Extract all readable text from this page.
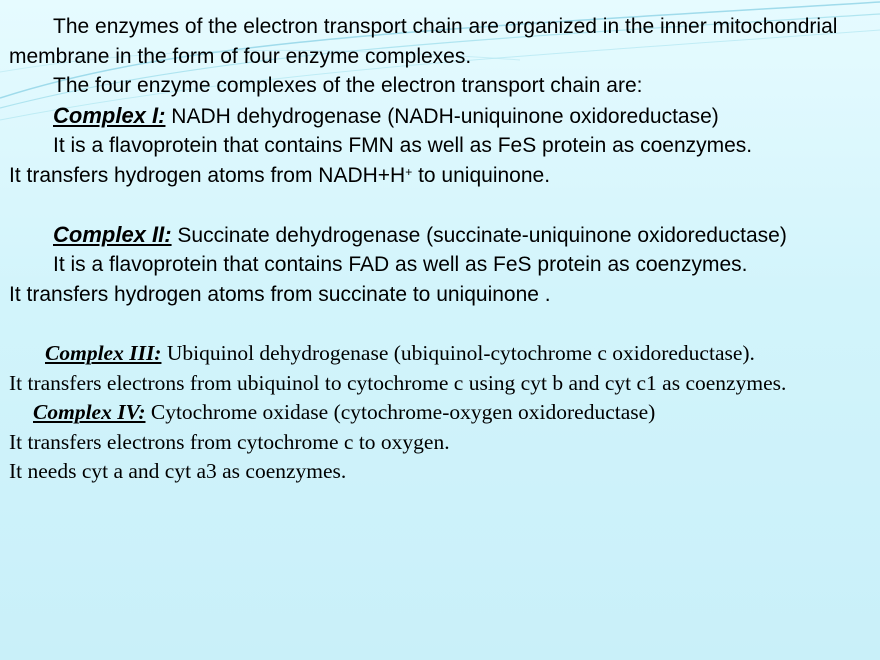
The enzymes of the electron transport chain are organized in the inner mitochondrial membrane in the form of four enzyme complexes.

The four enzyme complexes of the electron transport chain are:

Complex I: NADH dehydrogenase (NADH-uniquinone oxidoreductase)

It is a flavoprotein that contains FMN as well as FeS protein as coenzymes.

It transfers hydrogen atoms from NADH+H+ to uniquinone.

Complex II: Succinate dehydrogenase (succinate-uniquinone oxidoreductase)

It is a flavoprotein that contains FAD as well as FeS protein as coenzymes.

It transfers hydrogen atoms from succinate to uniquinone .

Complex III: Ubiquinol dehydrogenase (ubiquinol-cytochrome c oxidoreductase).

It transfers electrons from ubiquinol to cytochrome c using cyt b and cyt c1 as coenzymes.

Complex IV: Cytochrome oxidase (cytochrome-oxygen oxidoreductase)

It transfers electrons from cytochrome c to oxygen.

It needs cyt a and cyt a3 as coenzymes.
